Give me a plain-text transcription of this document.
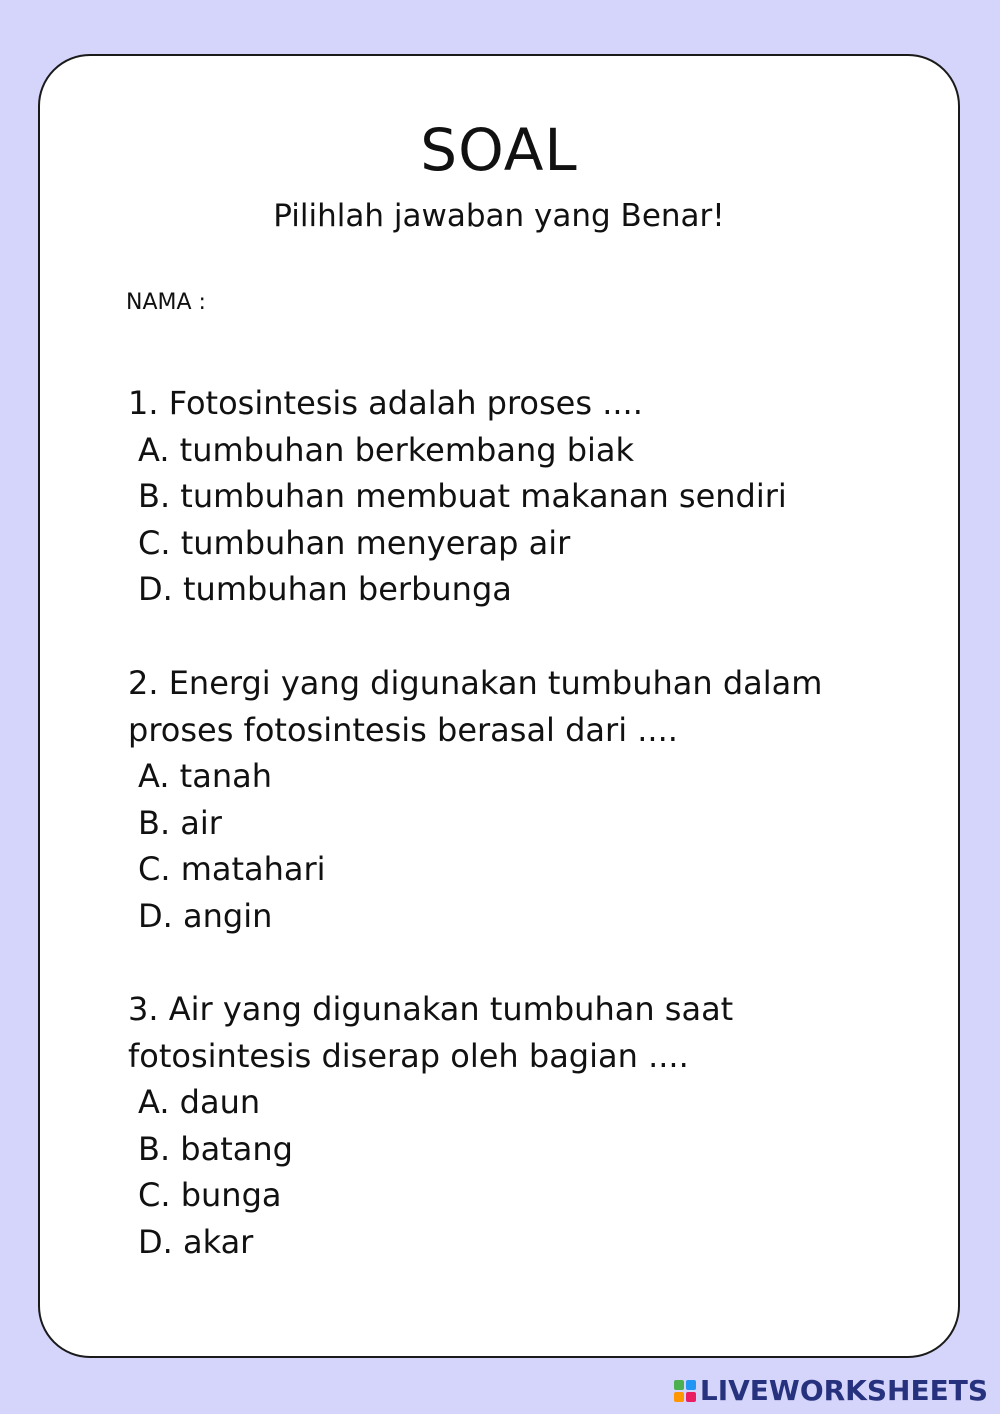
SOAL

Pilihlah jawaban yang Benar!

NAMA :

1. Fotosintesis adalah proses ....

A. tumbuhan berkembang biak
B. tumbuhan membuat makanan sendiri
C. tumbuhan menyerap air
D. tumbuhan berbunga

2. Energi yang digunakan tumbuhan dalam

proses fotosintesis berasal dari ....

A. tanah
B. air
C. matahari
D. angin

3. Air yang digunakan tumbuhan saat

fotosintesis diserap oleh bagian ....

A. daun
B. batang
C. bunga
D. akar
LIVEWORKSHEETS
